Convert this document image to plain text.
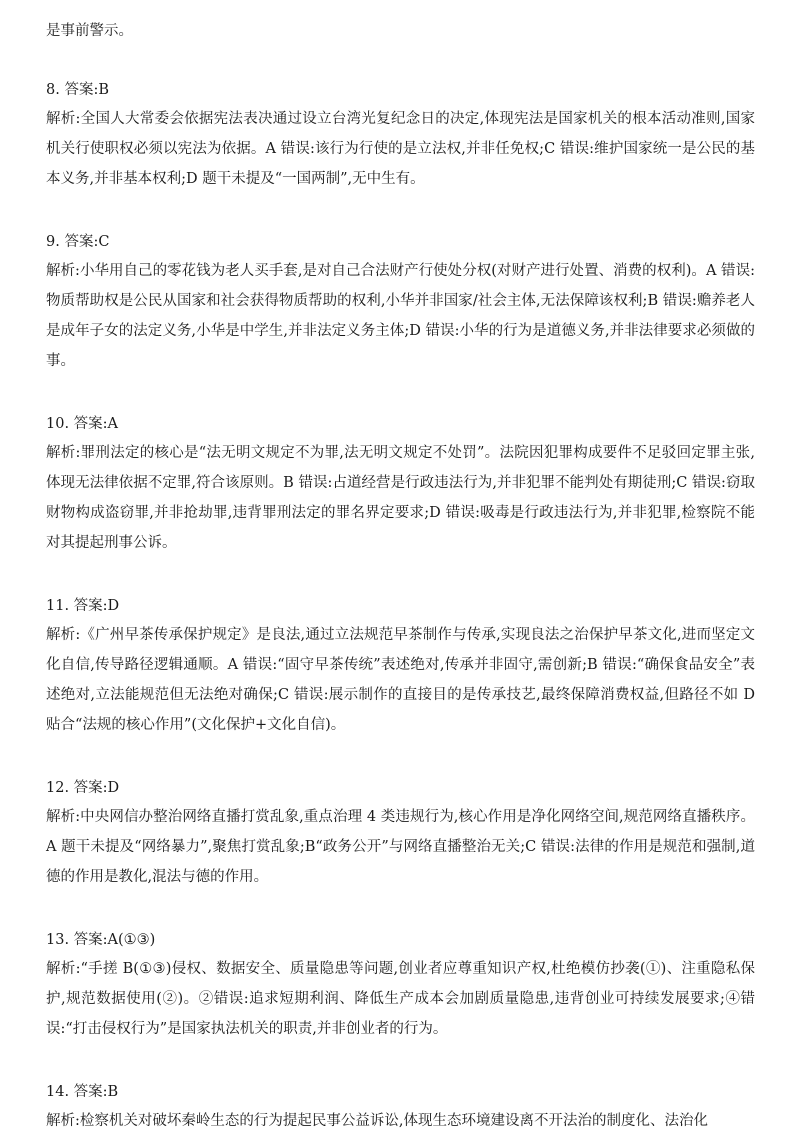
是事前警示。

8. 答案:B

解析:全国人大常委会依据宪法表决通过设立台湾光复纪念日的决定,体现宪法是国家机关的根本活动准则,国家机关行使职权必须以宪法为依据。A 错误:该行为行使的是立法权,并非任免权;C 错误:维护国家统一是公民的基本义务,并非基本权利;D 题干未提及“一国两制”,无中生有。

9. 答案:C

解析:小华用自己的零花钱为老人买手套,是对自己合法财产行使处分权(对财产进行处置、消费的权利)。A 错误:物质帮助权是公民从国家和社会获得物质帮助的权利,小华并非国家/社会主体,无法保障该权利;B 错误:赡养老人是成年子女的法定义务,小华是中学生,并非法定义务主体;D 错误:小华的行为是道德义务,并非法律要求必须做的事。

10. 答案:A

解析:罪刑法定的核心是“法无明文规定不为罪,法无明文规定不处罚”。法院因犯罪构成要件不足驳回定罪主张,体现无法律依据不定罪,符合该原则。B 错误:占道经营是行政违法行为,并非犯罪不能判处有期徒刑;C 错误:窃取财物构成盗窃罪,并非抢劫罪,违背罪刑法定的罪名界定要求;D 错误:吸毒是行政违法行为,并非犯罪,检察院不能对其提起刑事公诉。

11. 答案:D

解析:《广州早茶传承保护规定》是良法,通过立法规范早茶制作与传承,实现良法之治保护早茶文化,进而坚定文化自信,传导路径逻辑通顺。A 错误:“固守早茶传统”表述绝对,传承并非固守,需创新;B 错误:“确保食品安全”表述绝对,立法能规范但无法绝对确保;C 错误:展示制作的直接目的是传承技艺,最终保障消费权益,但路径不如 D 贴合“法规的核心作用”(文化保护+文化自信)。

12. 答案:D

解析:中央网信办整治网络直播打赏乱象,重点治理 4 类违规行为,核心作用是净化网络空间,规范网络直播秩序。A 题干未提及“网络暴力”,聚焦打赏乱象;B“政务公开”与网络直播整治无关;C 错误:法律的作用是规范和强制,道德的作用是教化,混法与德的作用。

13. 答案:A(①③)

解析:“手搓 B(①③)侵权、数据安全、质量隐患等问题,创业者应尊重知识产权,杜绝模仿抄袭(①)、注重隐私保护,规范数据使用(②)。②错误:追求短期利润、降低生产成本会加剧质量隐患,违背创业可持续发展要求;④错误:“打击侵权行为”是国家执法机关的职责,并非创业者的行为。

14. 答案:B

解析:检察机关对破坏秦岭生态的行为提起民事公益诉讼,体现生态环境建设离不开法治的制度化、法治化
